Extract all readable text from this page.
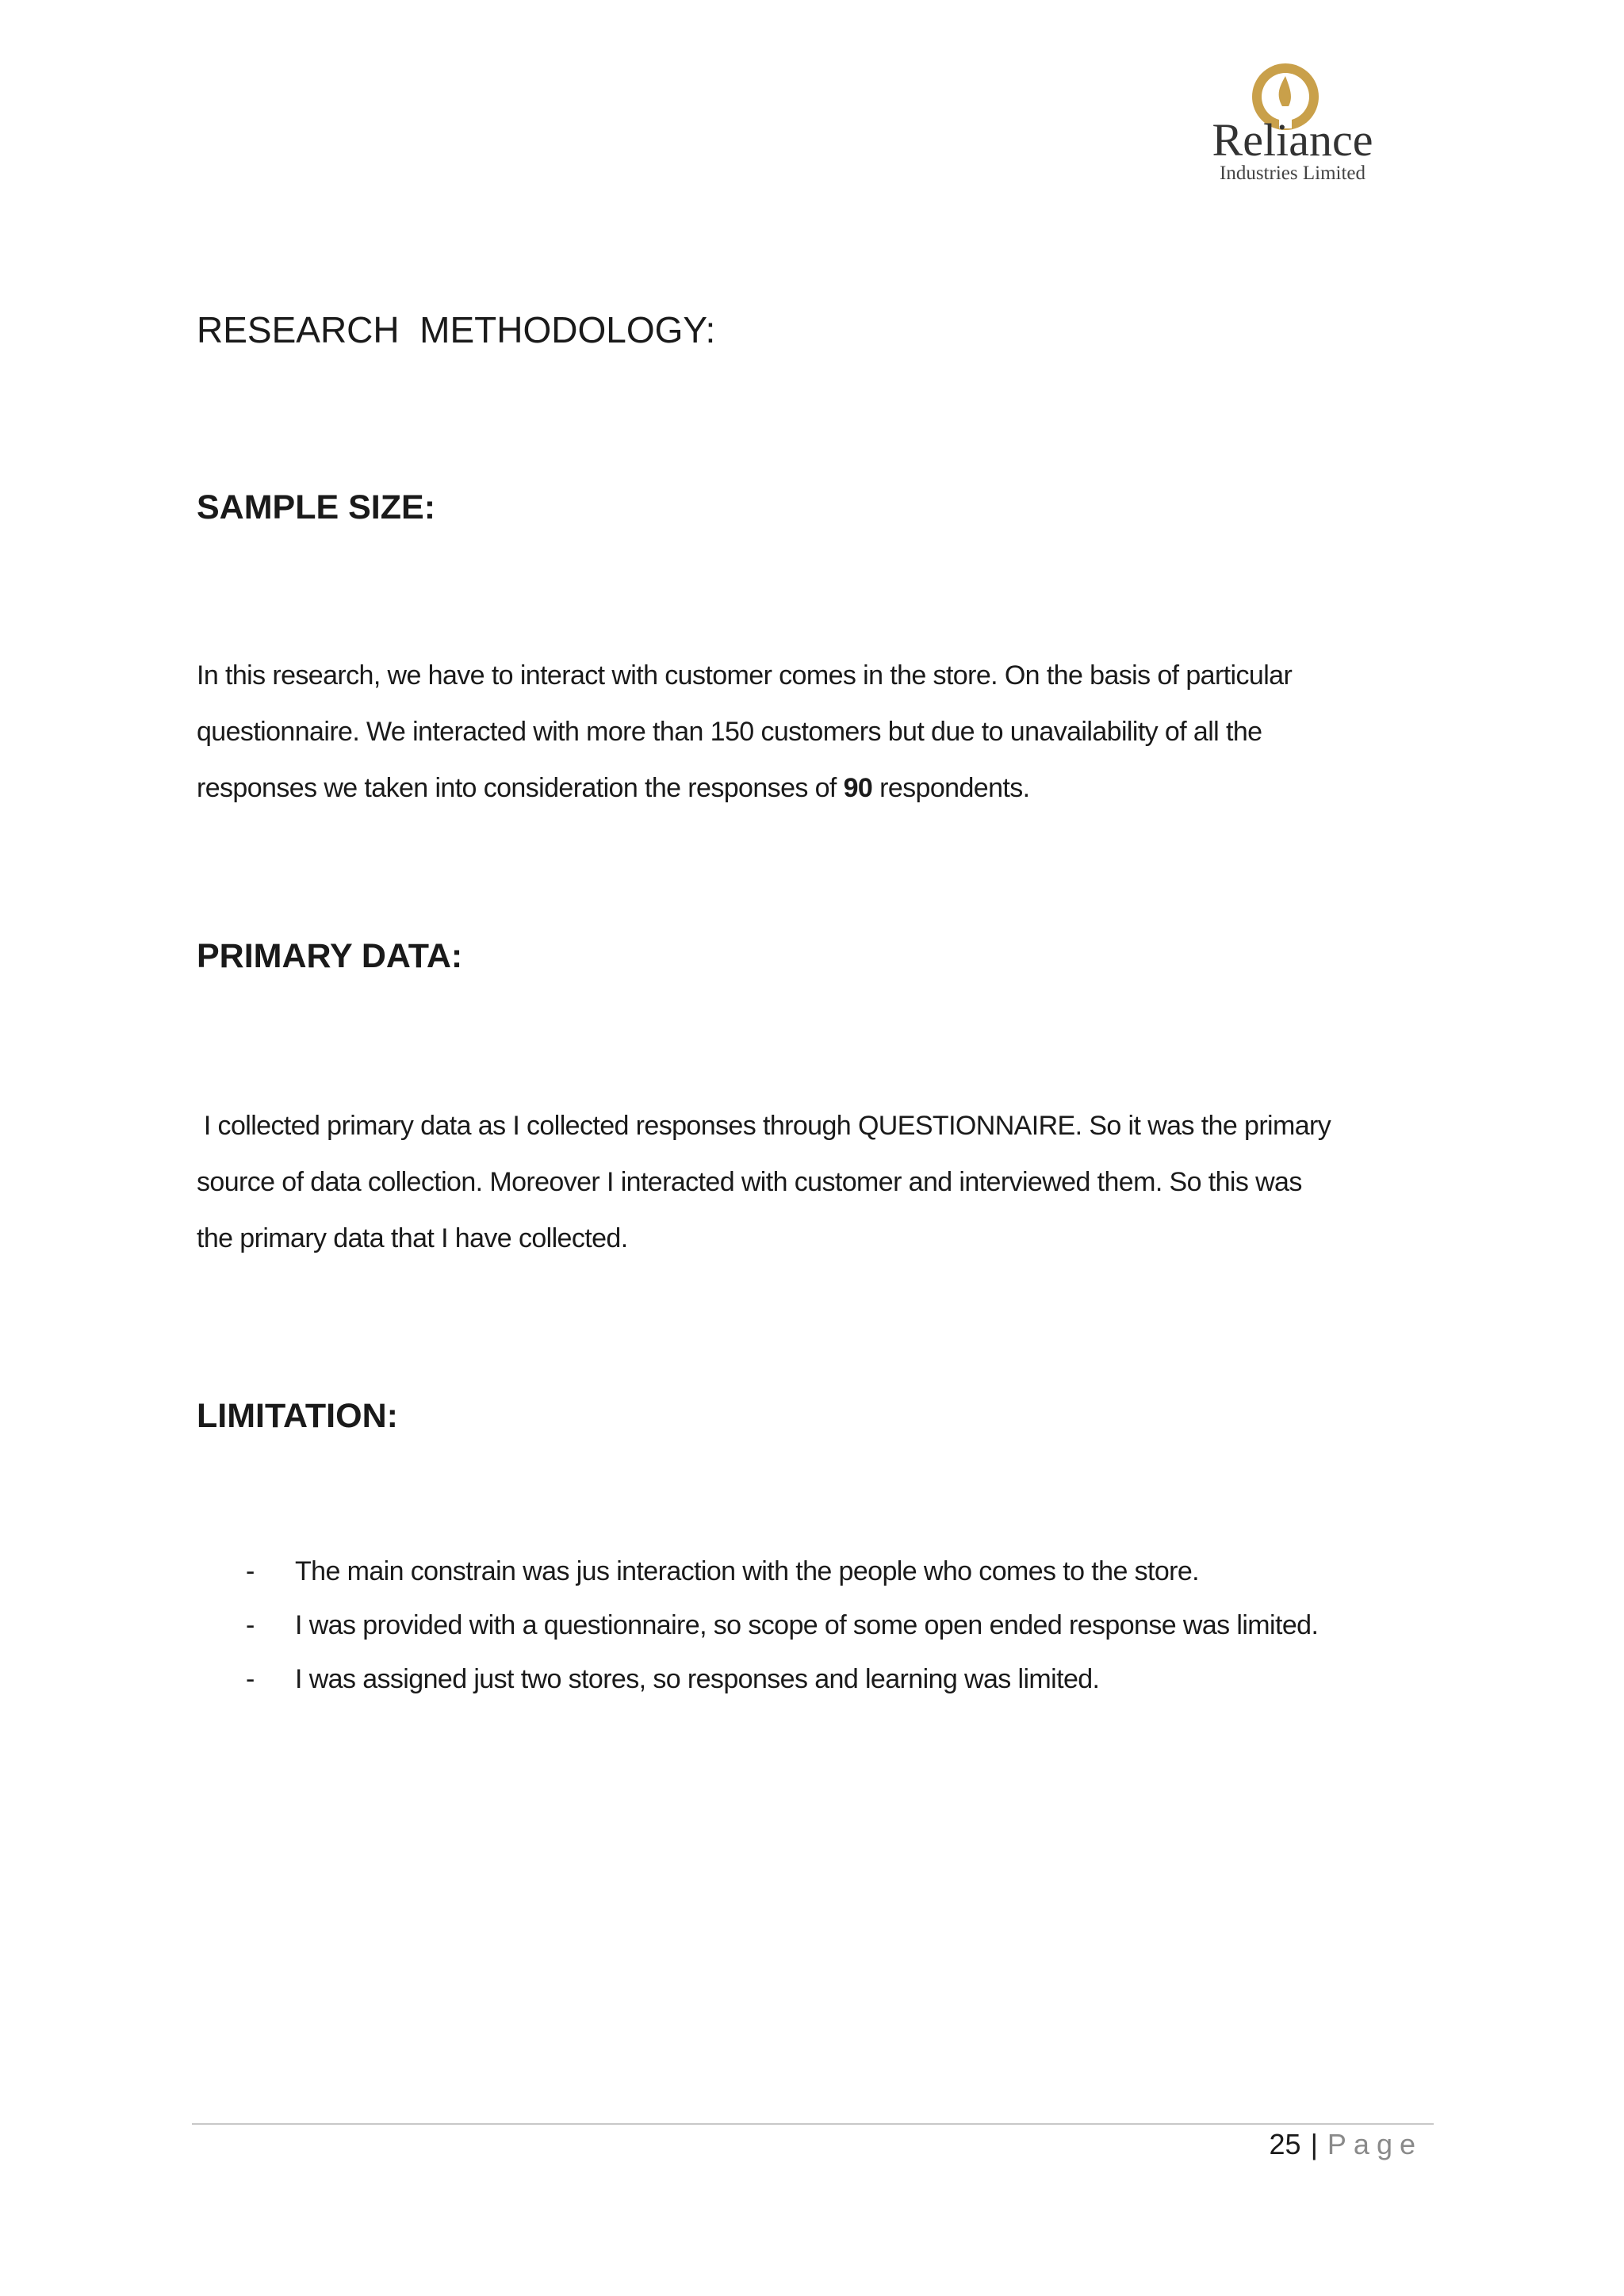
Reliance
Industries Limited
RESEARCH  METHODOLOGY:
SAMPLE SIZE:

In this research, we have to interact with customer comes in the store. On the basis of particular

questionnaire. We interacted with more than 150 customers but due to unavailability of all the

responses we taken into consideration the responses of 90 respondents.

PRIMARY DATA:

I collected primary data as I collected responses through QUESTIONNAIRE. So it was the primary

source of data collection. Moreover I interacted with customer and interviewed them. So this was

the primary data that I have collected.

LIMITATION:

-

The main constrain was jus interaction with the people who comes to the store.

-

I was provided with a questionnaire, so scope of some open ended response was limited.

-

I was assigned just two stores, so responses and learning was limited.

25 | Page
